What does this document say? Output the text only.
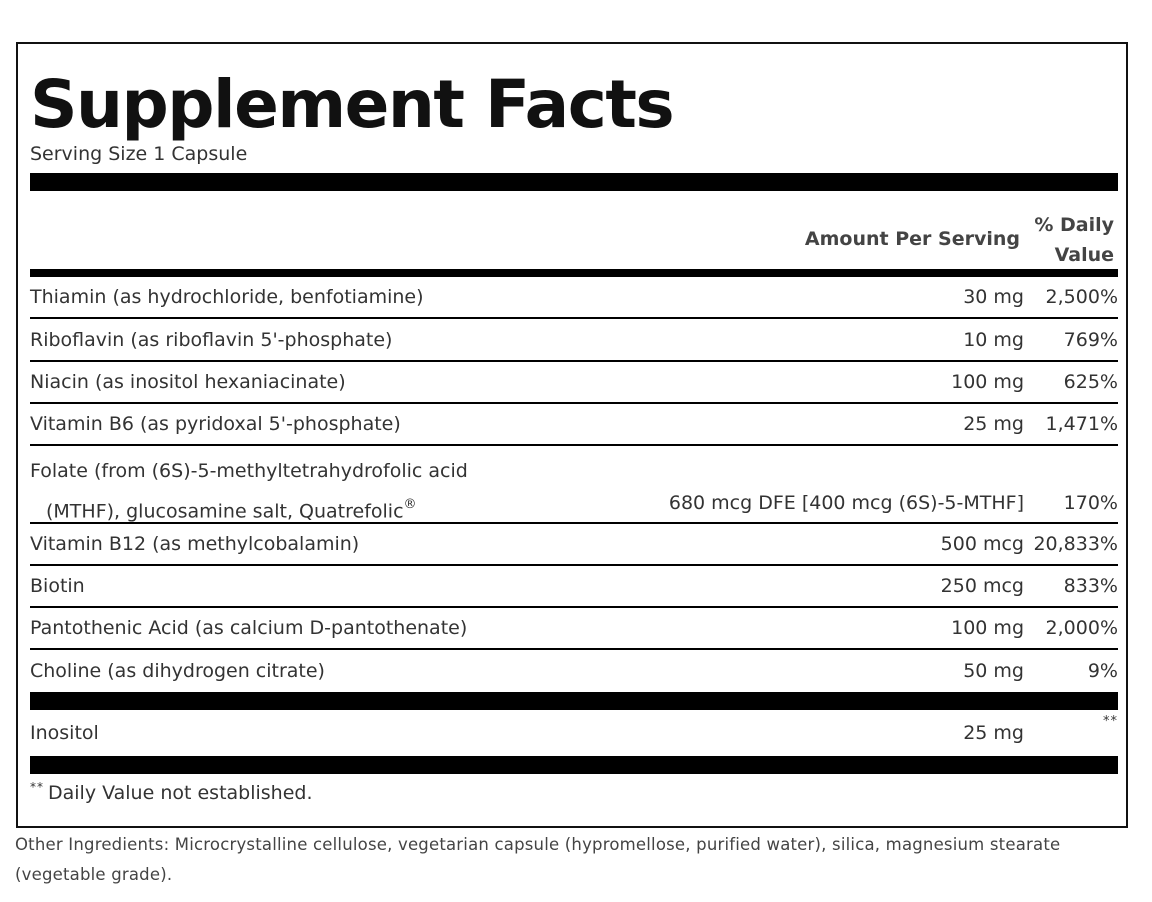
Supplement Facts
Serving Size 1 Capsule
Amount Per Serving
% Daily
Value
Thiamin (as hydrochloride, benfotiamine)	30 mg 2,500%
Riboflavin (as riboflavin 5'-phosphate)	10 mg 769%
Niacin (as inositol hexaniacinate)	100 mg 625%
Vitamin B6 (as pyridoxal 5'-phosphate)	25 mg 1,471%
Folate (from (6S)-5-methyltetrahydrofolic acid
(MTHF), glucosamine salt, Quatrefolic®	680 mcg DFE [400 mcg (6S)-5-MTHF] 170%
Vitamin B12 (as methylcobalamin)	500 mcg 20,833%
Biotin	250 mcg 833%
Pantothenic Acid (as calcium D-pantothenate)	100 mg 2,000%
Choline (as dihydrogen citrate)	50 mg	9%
Inositol	25 mg
**
** Daily Value not established.
Other Ingredients: Microcrystalline cellulose, vegetarian capsule (hypromellose, purified water), silica, magnesium stearate (vegetable grade).
